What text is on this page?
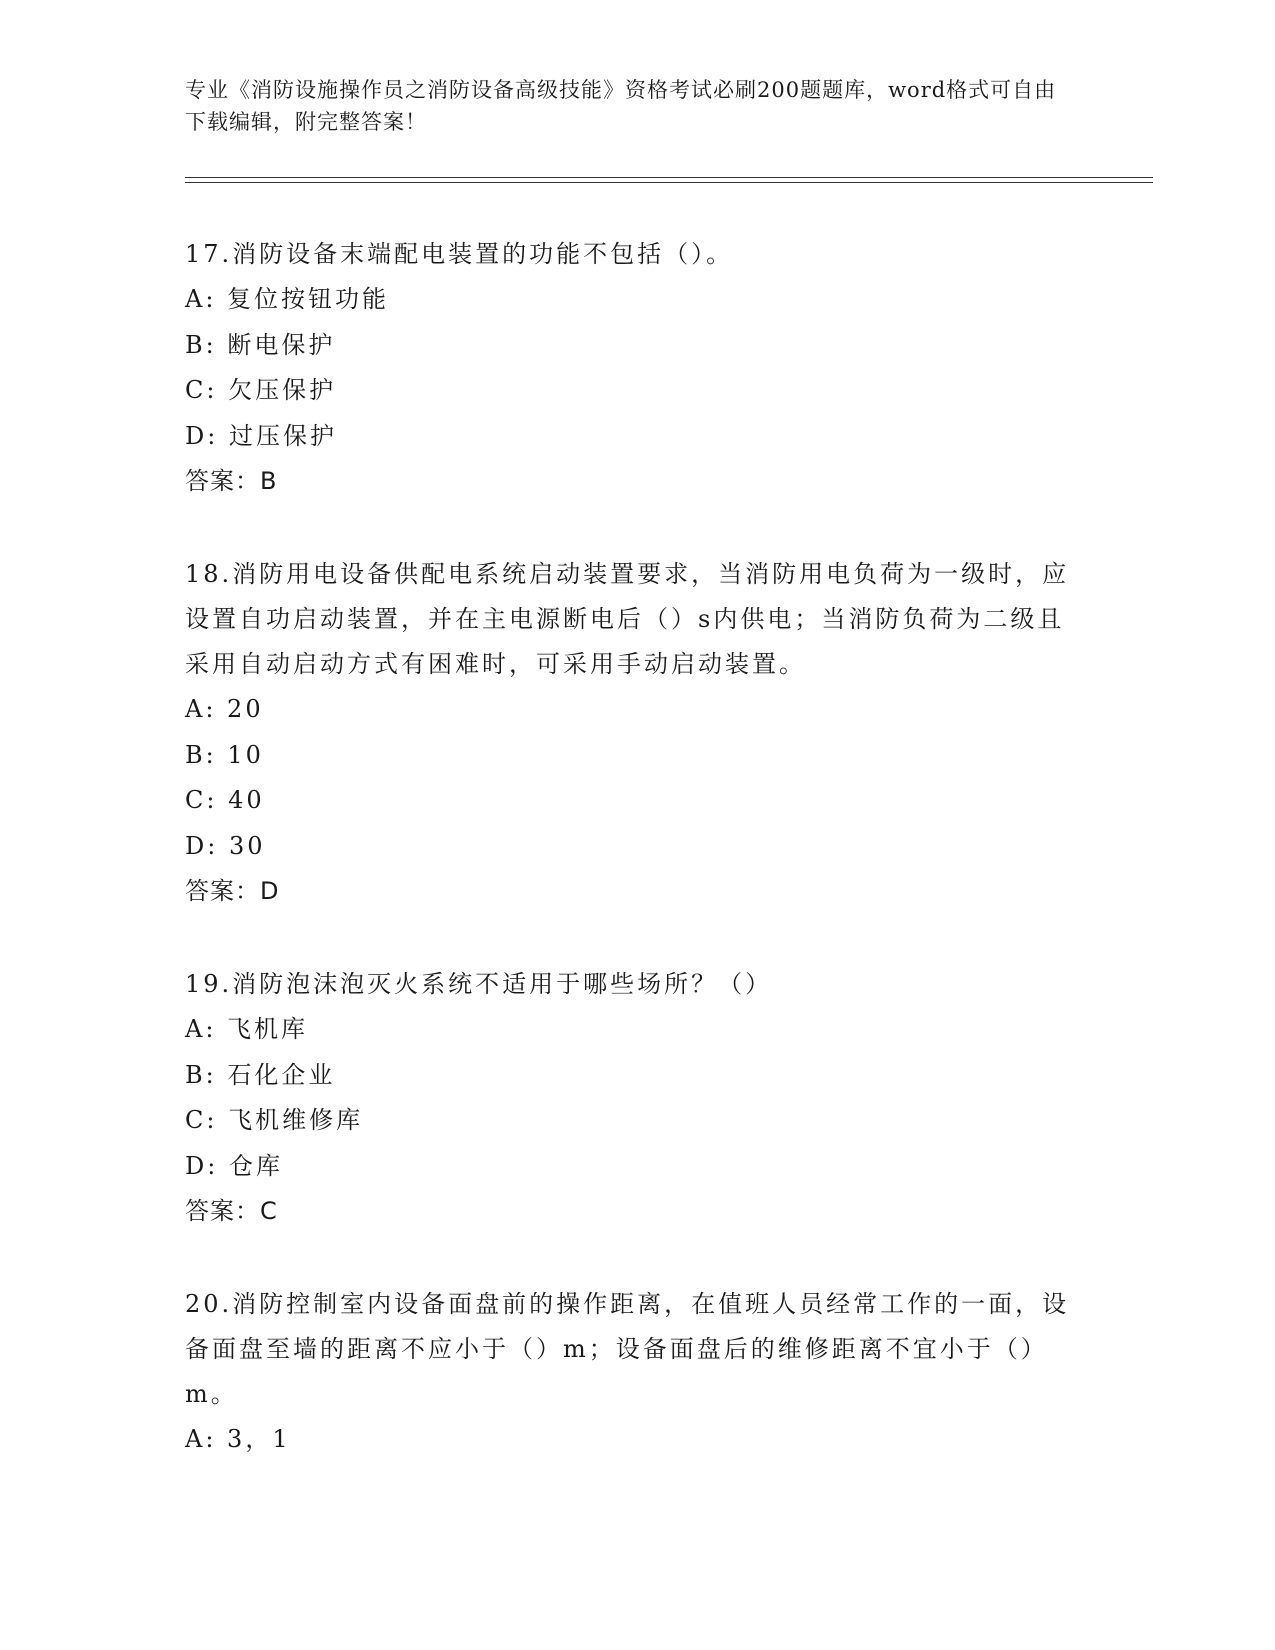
专业《消防设施操作员之消防设备高级技能》资格考试必刷200题题库，word格式可自由下载编辑，附完整答案！

17.消防设备末端配电装置的功能不包括（）。

A: 复位按钮功能

B: 断电保护

C: 欠压保护

D: 过压保护

答案：B

18.消防用电设备供配电系统启动装置要求，当消防用电负荷为一级时，应设置自功启动装置，并在主电源断电后（）s内供电；当消防负荷为二级且采用自动启动方式有困难时，可采用手动启动装置。

A: 20

B: 10

C: 40

D: 30

答案：D

19.消防泡沫泡灭火系统不适用于哪些场所？（）

A: 飞机库

B: 石化企业

C: 飞机维修库

D: 仓库

答案：C

20.消防控制室内设备面盘前的操作距离，在值班人员经常工作的一面，设备面盘至墙的距离不应小于（）m；设备面盘后的维修距离不宜小于（）m。

A: 3，1
